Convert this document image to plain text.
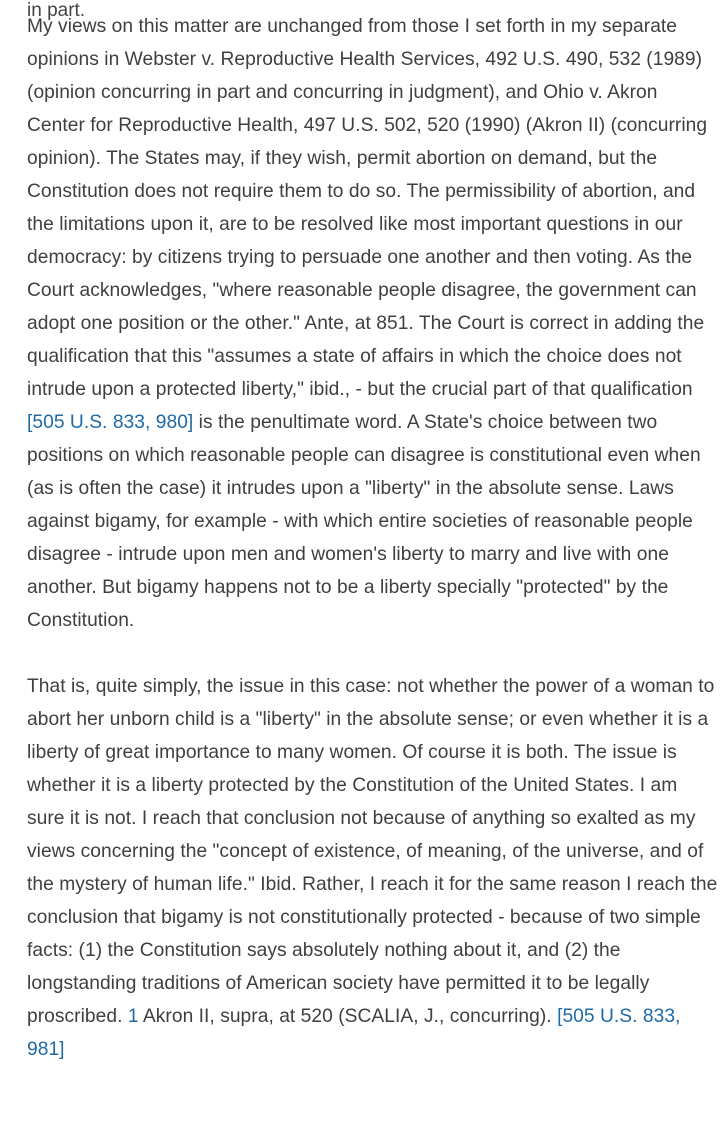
in part.

My views on this matter are unchanged from those I set forth in my separate opinions in Webster v. Reproductive Health Services, 492 U.S. 490, 532 (1989) (opinion concurring in part and concurring in judgment), and Ohio v. Akron Center for Reproductive Health, 497 U.S. 502, 520 (1990) (Akron II) (concurring opinion). The States may, if they wish, permit abortion on demand, but the Constitution does not require them to do so. The permissibility of abortion, and the limitations upon it, are to be resolved like most important questions in our democracy: by citizens trying to persuade one another and then voting. As the Court acknowledges, "where reasonable people disagree, the government can adopt one position or the other." Ante, at 851. The Court is correct in adding the qualification that this "assumes a state of affairs in which the choice does not intrude upon a protected liberty," ibid., - but the crucial part of that qualification [505 U.S. 833, 980] is the penultimate word. A State's choice between two positions on which reasonable people can disagree is constitutional even when (as is often the case) it intrudes upon a "liberty" in the absolute sense. Laws against bigamy, for example - with which entire societies of reasonable people disagree - intrude upon men and women's liberty to marry and live with one another. But bigamy happens not to be a liberty specially "protected" by the Constitution.

That is, quite simply, the issue in this case: not whether the power of a woman to abort her unborn child is a "liberty" in the absolute sense; or even whether it is a liberty of great importance to many women. Of course it is both. The issue is whether it is a liberty protected by the Constitution of the United States. I am sure it is not. I reach that conclusion not because of anything so exalted as my views concerning the "concept of existence, of meaning, of the universe, and of the mystery of human life." Ibid. Rather, I reach it for the same reason I reach the conclusion that bigamy is not constitutionally protected - because of two simple facts: (1) the Constitution says absolutely nothing about it, and (2) the longstanding traditions of American society have permitted it to be legally proscribed. 1 Akron II, supra, at 520 (SCALIA, J., concurring). [505 U.S. 833, 981]
